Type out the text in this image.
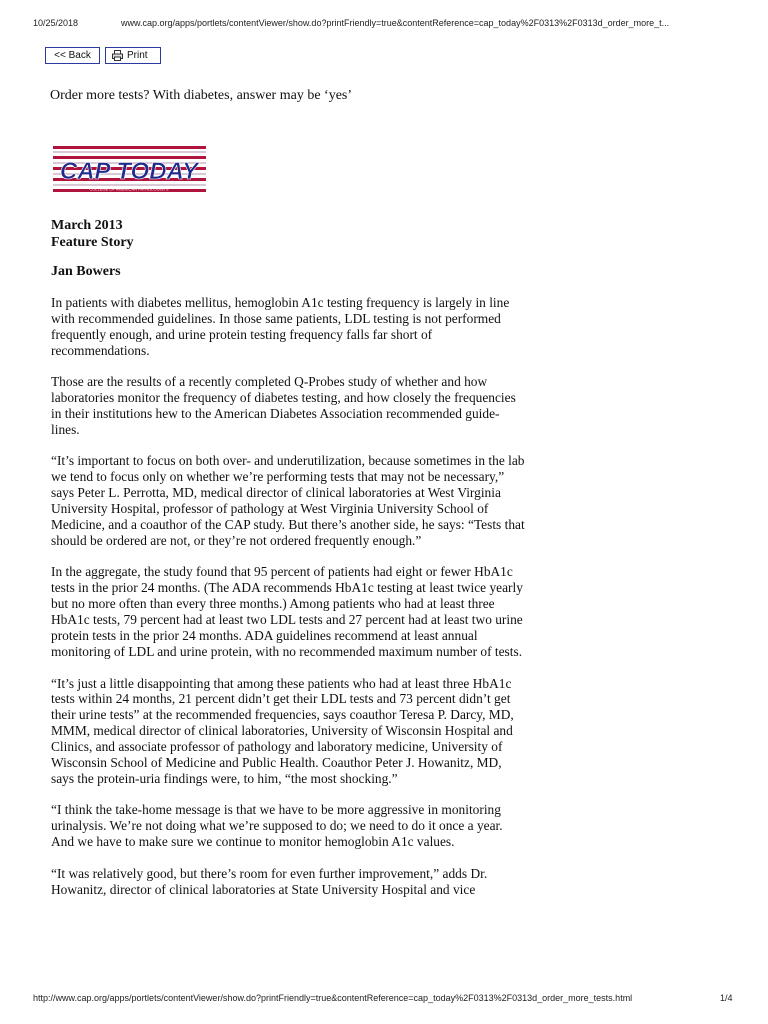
10/25/2018	www.cap.org/apps/portlets/contentViewer/show.do?printFriendly=true&contentReference=cap_today%2F0313%2F0313d_order_more_t...
<< Back	Print
Order more tests? With diabetes, answer may be ‘yes’
CAP TODAY
COLLEGE OF AMERICAN PATHOLOGISTS
March 2013
Feature Story
Jan Bowers

In patients with diabetes mellitus, hemoglobin A1c testing frequency is largely in line with recommended guidelines. In those same patients, LDL testing is not performed frequently enough, and urine protein testing frequency falls far short of recommendations.

Those are the results of a recently completed Q-Probes study of whether and how laboratories monitor the frequency of diabetes testing, and how closely the frequencies in their institutions hew to the American Diabetes Association recommended guide-lines.

“It’s important to focus on both over- and underutilization, because sometimes in the lab we tend to focus only on whether we’re performing tests that may not be necessary,” says Peter L. Perrotta, MD, medical director of clinical laboratories at West Virginia University Hospital, professor of pathology at West Virginia University School of Medicine, and a coauthor of the CAP study. But there’s another side, he says: “Tests that should be ordered are not, or they’re not ordered frequently enough.”

In the aggregate, the study found that 95 percent of patients had eight or fewer HbA1c tests in the prior 24 months. (The ADA recommends HbA1c testing at least twice yearly but no more often than every three months.) Among patients who had at least three HbA1c tests, 79 percent had at least two LDL tests and 27 percent had at least two urine protein tests in the prior 24 months. ADA guidelines recommend at least annual monitoring of LDL and urine protein, with no recommended maximum number of tests.

“It’s just a little disappointing that among these patients who had at least three HbA1c tests within 24 months, 21 percent didn’t get their LDL tests and 73 percent didn’t get their urine tests” at the recommended frequencies, says coauthor Teresa P. Darcy, MD, MMM, medical director of clinical laboratories, University of Wisconsin Hospital and Clinics, and associate professor of pathology and laboratory medicine, University of Wisconsin School of Medicine and Public Health. Coauthor Peter J. Howanitz, MD, says the protein-uria findings were, to him, “the most shocking.”

“I think the take-home message is that we have to be more aggressive in monitoring urinalysis. We’re not doing what we’re supposed to do; we need to do it once a year. And we have to make sure we continue to monitor hemoglobin A1c values.

“It was relatively good, but there’s room for even further improvement,” adds Dr. Howanitz, director of clinical laboratories at State University Hospital and vice

http://www.cap.org/apps/portlets/contentViewer/show.do?printFriendly=true&contentReference=cap_today%2F0313%2F0313d_order_more_tests.html	1/4
